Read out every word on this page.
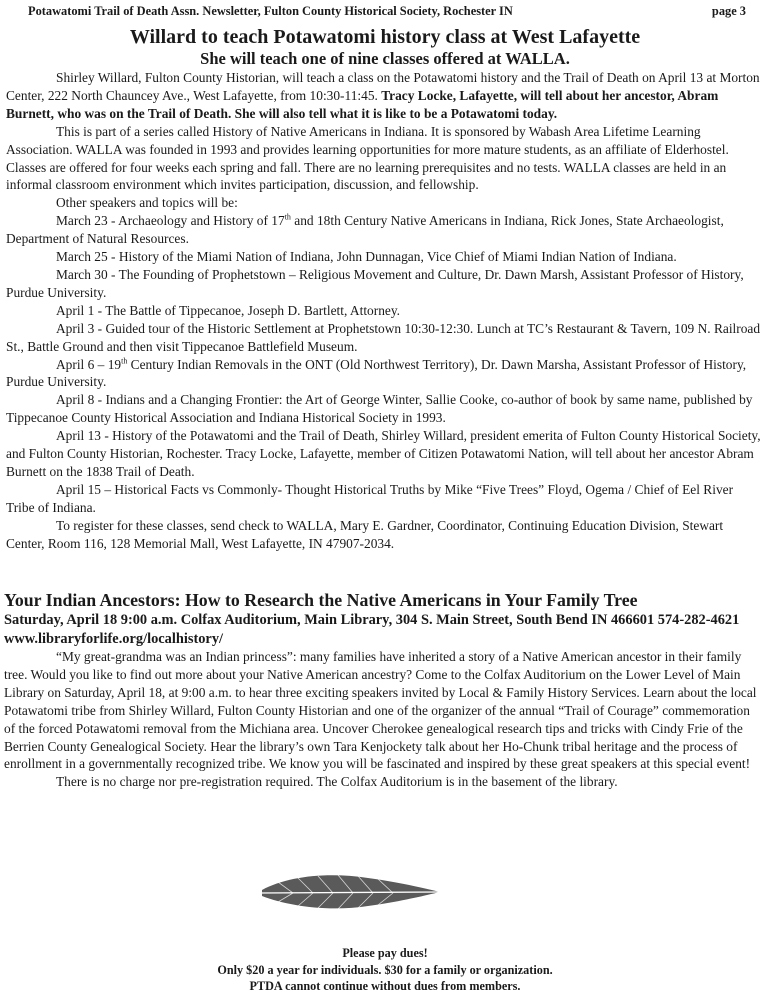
Potawatomi Trail of Death Assn. Newsletter, Fulton County Historical Society, Rochester IN	page 3
Willard to teach Potawatomi history class at West Lafayette
She will teach one of nine classes offered at WALLA.

Shirley Willard, Fulton County Historian, will teach a class on the Potawatomi history and the Trail of Death on April 13 at Morton Center, 222 North Chauncey Ave., West Lafayette, from 10:30-11:45. Tracy Locke, Lafayette, will tell about her ancestor, Abram Burnett, who was on the Trail of Death. She will also tell what it is like to be a Potawatomi today.

This is part of a series called History of Native Americans in Indiana. It is sponsored by Wabash Area Lifetime Learning Association. WALLA was founded in 1993 and provides learning opportunities for more mature students, as an affiliate of Elderhostel. Classes are offered for four weeks each spring and fall. There are no learning prerequisites and no tests. WALLA classes are held in an informal classroom environment which invites participation, discussion, and fellowship.

Other speakers and topics will be:

March 23 - Archaeology and History of 17th and 18th Century Native Americans in Indiana, Rick Jones, State Archaeologist, Department of Natural Resources.

March 25 - History of the Miami Nation of Indiana, John Dunnagan, Vice Chief of Miami Indian Nation of Indiana.

March 30 - The Founding of Prophetstown – Religious Movement and Culture, Dr. Dawn Marsh, Assistant Professor of History, Purdue University.

April 1 - The Battle of Tippecanoe, Joseph D. Bartlett, Attorney.

April 3 - Guided tour of the Historic Settlement at Prophetstown 10:30-12:30. Lunch at TC’s Restaurant & Tavern, 109 N. Railroad St., Battle Ground and then visit Tippecanoe Battlefield Museum.

April 6 – 19th Century Indian Removals in the ONT (Old Northwest Territory), Dr. Dawn Marsha, Assistant Professor of History, Purdue University.

April 8 - Indians and a Changing Frontier: the Art of George Winter, Sallie Cooke, co-author of book by same name, published by Tippecanoe County Historical Association and Indiana Historical Society in 1993.

April 13 - History of the Potawatomi and the Trail of Death, Shirley Willard, president emerita of Fulton County Historical Society, and Fulton County Historian, Rochester. Tracy Locke, Lafayette, member of Citizen Potawatomi Nation, will tell about her ancestor Abram Burnett on the 1838 Trail of Death.

April 15 – Historical Facts vs Commonly- Thought Historical Truths by Mike “Five Trees” Floyd, Ogema / Chief of Eel River Tribe of Indiana.

To register for these classes, send check to WALLA, Mary E. Gardner, Coordinator, Continuing Education Division, Stewart Center, Room 116, 128 Memorial Mall, West Lafayette, IN 47907-2034.

Your Indian Ancestors: How to Research the Native Americans in Your Family Tree
Saturday, April 18 9:00 a.m. Colfax Auditorium, Main Library, 304 S. Main Street, South Bend IN 466601 574-282-4621 www.libraryforlife.org/localhistory/

“My great-grandma was an Indian princess”: many families have inherited a story of a Native American ancestor in their family tree. Would you like to find out more about your Native American ancestry? Come to the Colfax Auditorium on the Lower Level of Main Library on Saturday, April 18, at 9:00 a.m. to hear three exciting speakers invited by Local & Family History Services. Learn about the local Potawatomi tribe from Shirley Willard, Fulton County Historian and one of the organizer of the annual “Trail of Courage” commemoration of the forced Potawatomi removal from the Michiana area. Uncover Cherokee genealogical research tips and tricks with Cindy Frie of the Berrien County Genealogical Society. Hear the library’s own Tara Kenjockety talk about her Ho-Chunk tribal heritage and the process of enrollment in a governmentally recognized tribe. We know you will be fascinated and inspired by these great speakers at this special event!

There is no charge nor pre-registration required. The Colfax Auditorium is in the basement of the library.

Please pay dues!
Only $20 a year for individuals. $30 for a family or organization.
PTDA cannot continue without dues from members.
